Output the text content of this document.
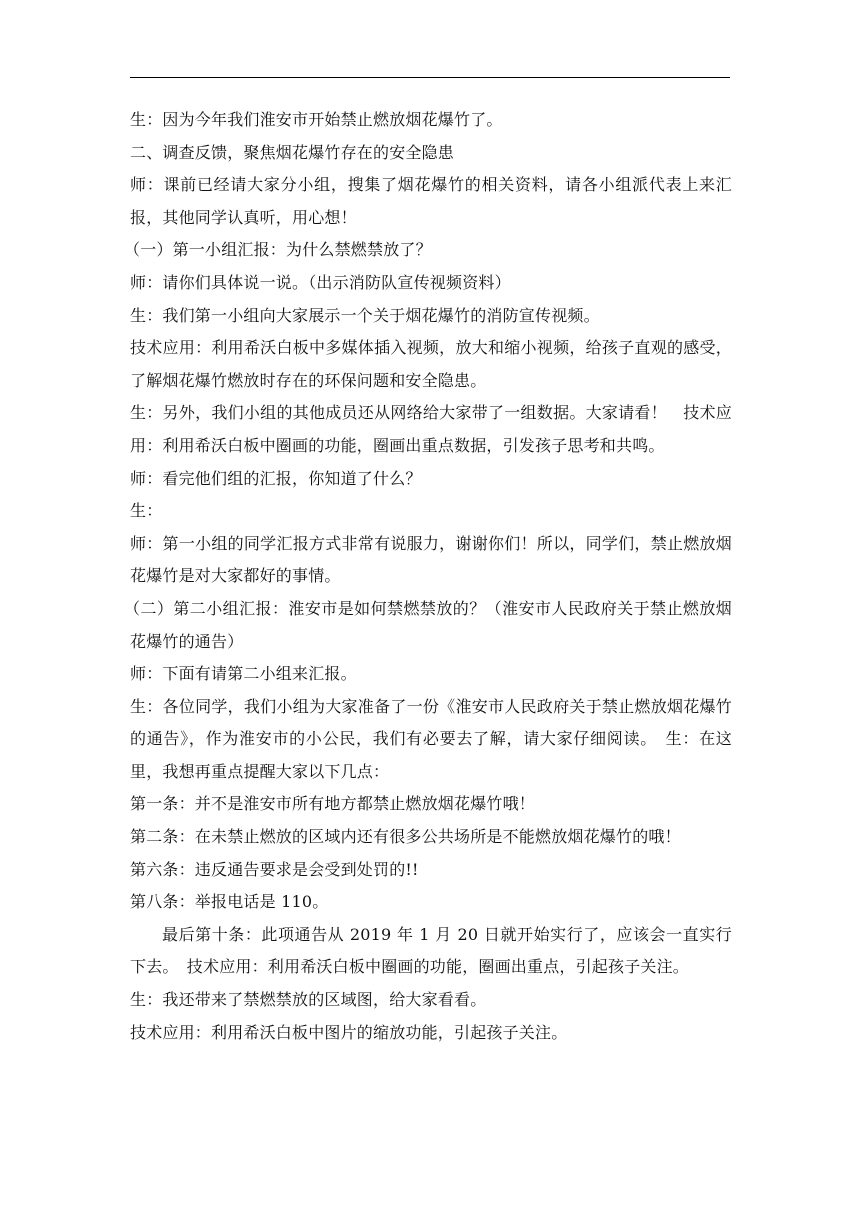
生：因为今年我们淮安市开始禁止燃放烟花爆竹了。

二、调查反馈，聚焦烟花爆竹存在的安全隐患

师：课前已经请大家分小组，搜集了烟花爆竹的相关资料，请各小组派代表上来汇报，其他同学认真听，用心想！

（一）第一小组汇报：为什么禁燃禁放了？

师：请你们具体说一说。（出示消防队宣传视频资料）

生：我们第一小组向大家展示一个关于烟花爆竹的消防宣传视频。

技术应用：利用希沃白板中多媒体插入视频，放大和缩小视频，给孩子直观的感受，了解烟花爆竹燃放时存在的环保问题和安全隐患。

生：另外，我们小组的其他成员还从网络给大家带了一组数据。大家请看！　技术应用：利用希沃白板中圈画的功能，圈画出重点数据，引发孩子思考和共鸣。

师：看完他们组的汇报，你知道了什么？

生：

师：第一小组的同学汇报方式非常有说服力，谢谢你们！所以，同学们，禁止燃放烟花爆竹是对大家都好的事情。

（二）第二小组汇报：淮安市是如何禁燃禁放的？（淮安市人民政府关于禁止燃放烟花爆竹的通告）

师：下面有请第二小组来汇报。

生：各位同学，我们小组为大家准备了一份《淮安市人民政府关于禁止燃放烟花爆竹的通告》，作为淮安市的小公民，我们有必要去了解，请大家仔细阅读。　生：在这里，我想再重点提醒大家以下几点：

第一条：并不是淮安市所有地方都禁止燃放烟花爆竹哦！

第二条：在未禁止燃放的区域内还有很多公共场所是不能燃放烟花爆竹的哦！

第六条：违反通告要求是会受到处罚的!!

第八条：举报电话是 110。

最后第十条：此项通告从 2019 年 1 月 20 日就开始实行了，应该会一直实行下去。　技术应用：利用希沃白板中圈画的功能，圈画出重点，引起孩子关注。

生：我还带来了禁燃禁放的区域图，给大家看看。

技术应用：利用希沃白板中图片的缩放功能，引起孩子关注。
